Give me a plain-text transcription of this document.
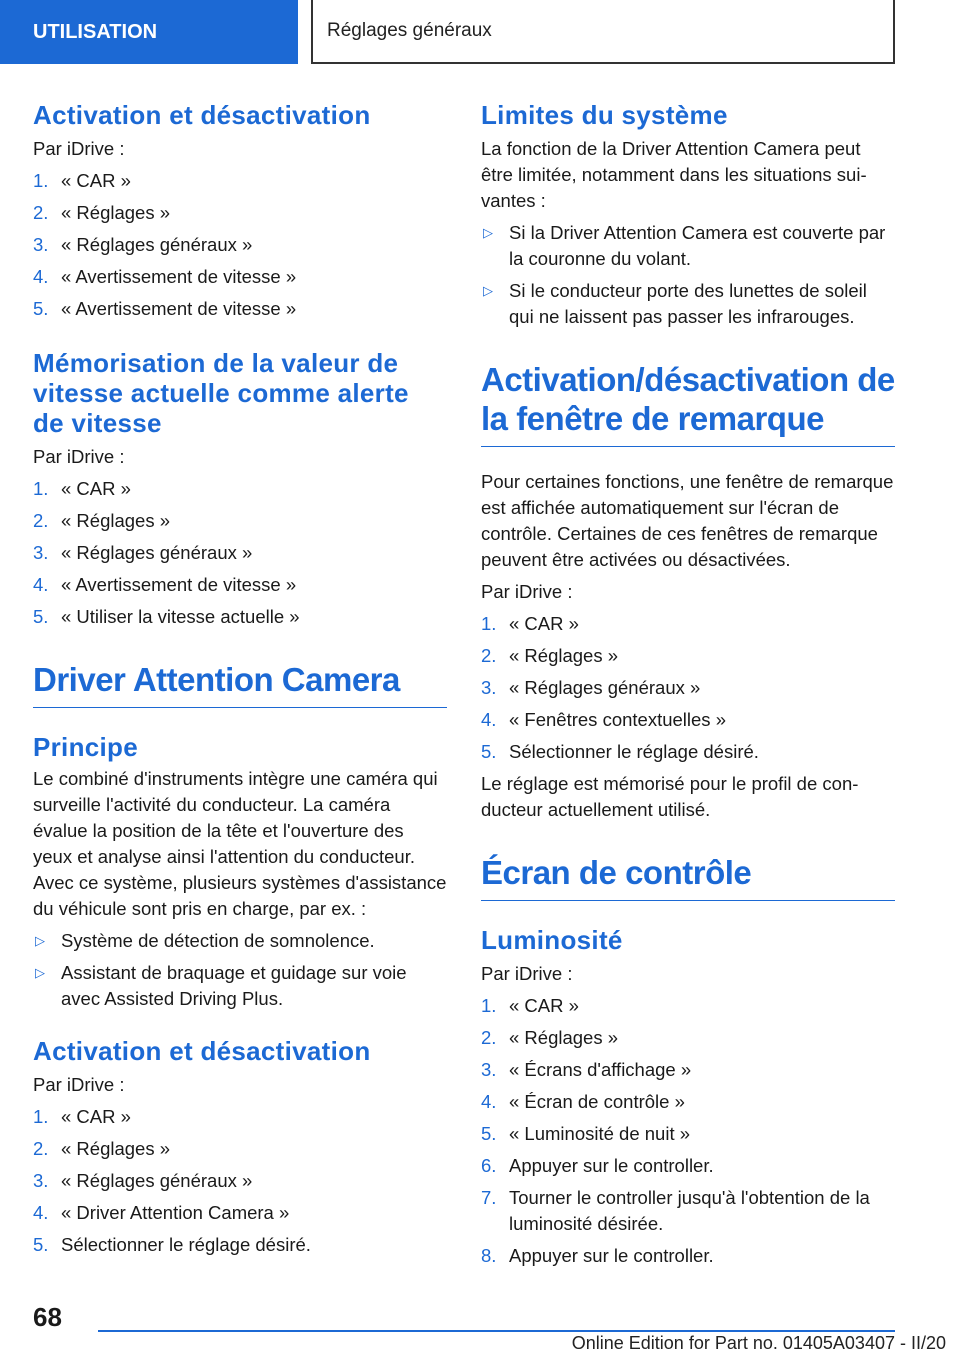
UTILISATION	Réglages généraux
Activation et désactivation

Par iDrive :

1. « CAR »
2. « Réglages »
3. « Réglages généraux »
4. « Avertissement de vitesse »
5. « Avertissement de vitesse »
Mémorisation de la valeur de vitesse actuelle comme alerte de vitesse

Par iDrive :

1. « CAR »
2. « Réglages »
3. « Réglages généraux »
4. « Avertissement de vitesse »
5. « Utiliser la vitesse actuelle »
Driver Attention Camera
Principe

Le combiné d'instruments intègre une caméra qui surveille l'activité du conducteur. La caméra évalue la position de la tête et l'ouverture des yeux et analyse ainsi l'attention du conducteur. Avec ce système, plusieurs systèmes d'assistance du véhicule sont pris en charge, par ex. :

▷ Système de détection de somnolence.
▷ Assistant de braquage et guidage sur voie avec Assisted Driving Plus.
Activation et désactivation

Par iDrive :

1. « CAR »
2. « Réglages »
3. « Réglages généraux »
4. « Driver Attention Camera »
5. Sélectionner le réglage désiré.
Limites du système

La fonction de la Driver Attention Camera peut être limitée, notamment dans les situations suivantes :

▷ Si la Driver Attention Camera est couverte par la couronne du volant.
▷ Si le conducteur porte des lunettes de soleil qui ne laissent pas passer les infrarouges.
Activation/désactivation de la fenêtre de remarque

Pour certaines fonctions, une fenêtre de remarque est affichée automatiquement sur l'écran de contrôle. Certaines de ces fenêtres de remarque peuvent être activées ou désactivées.

Par iDrive :

1. « CAR »
2. « Réglages »
3. « Réglages généraux »
4. « Fenêtres contextuelles »
5. Sélectionner le réglage désiré.

Le réglage est mémorisé pour le profil de conducteur actuellement utilisé.

Écran de contrôle
Luminosité

Par iDrive :

1. « CAR »
2. « Réglages »
3. « Écrans d'affichage »
4. « Écran de contrôle »
5. « Luminosité de nuit »
6. Appuyer sur le controller.
7. Tourner le controller jusqu'à l'obtention de la luminosité désirée.
8. Appuyer sur le controller.
68
Online Edition for Part no. 01405A03407 - II/20
